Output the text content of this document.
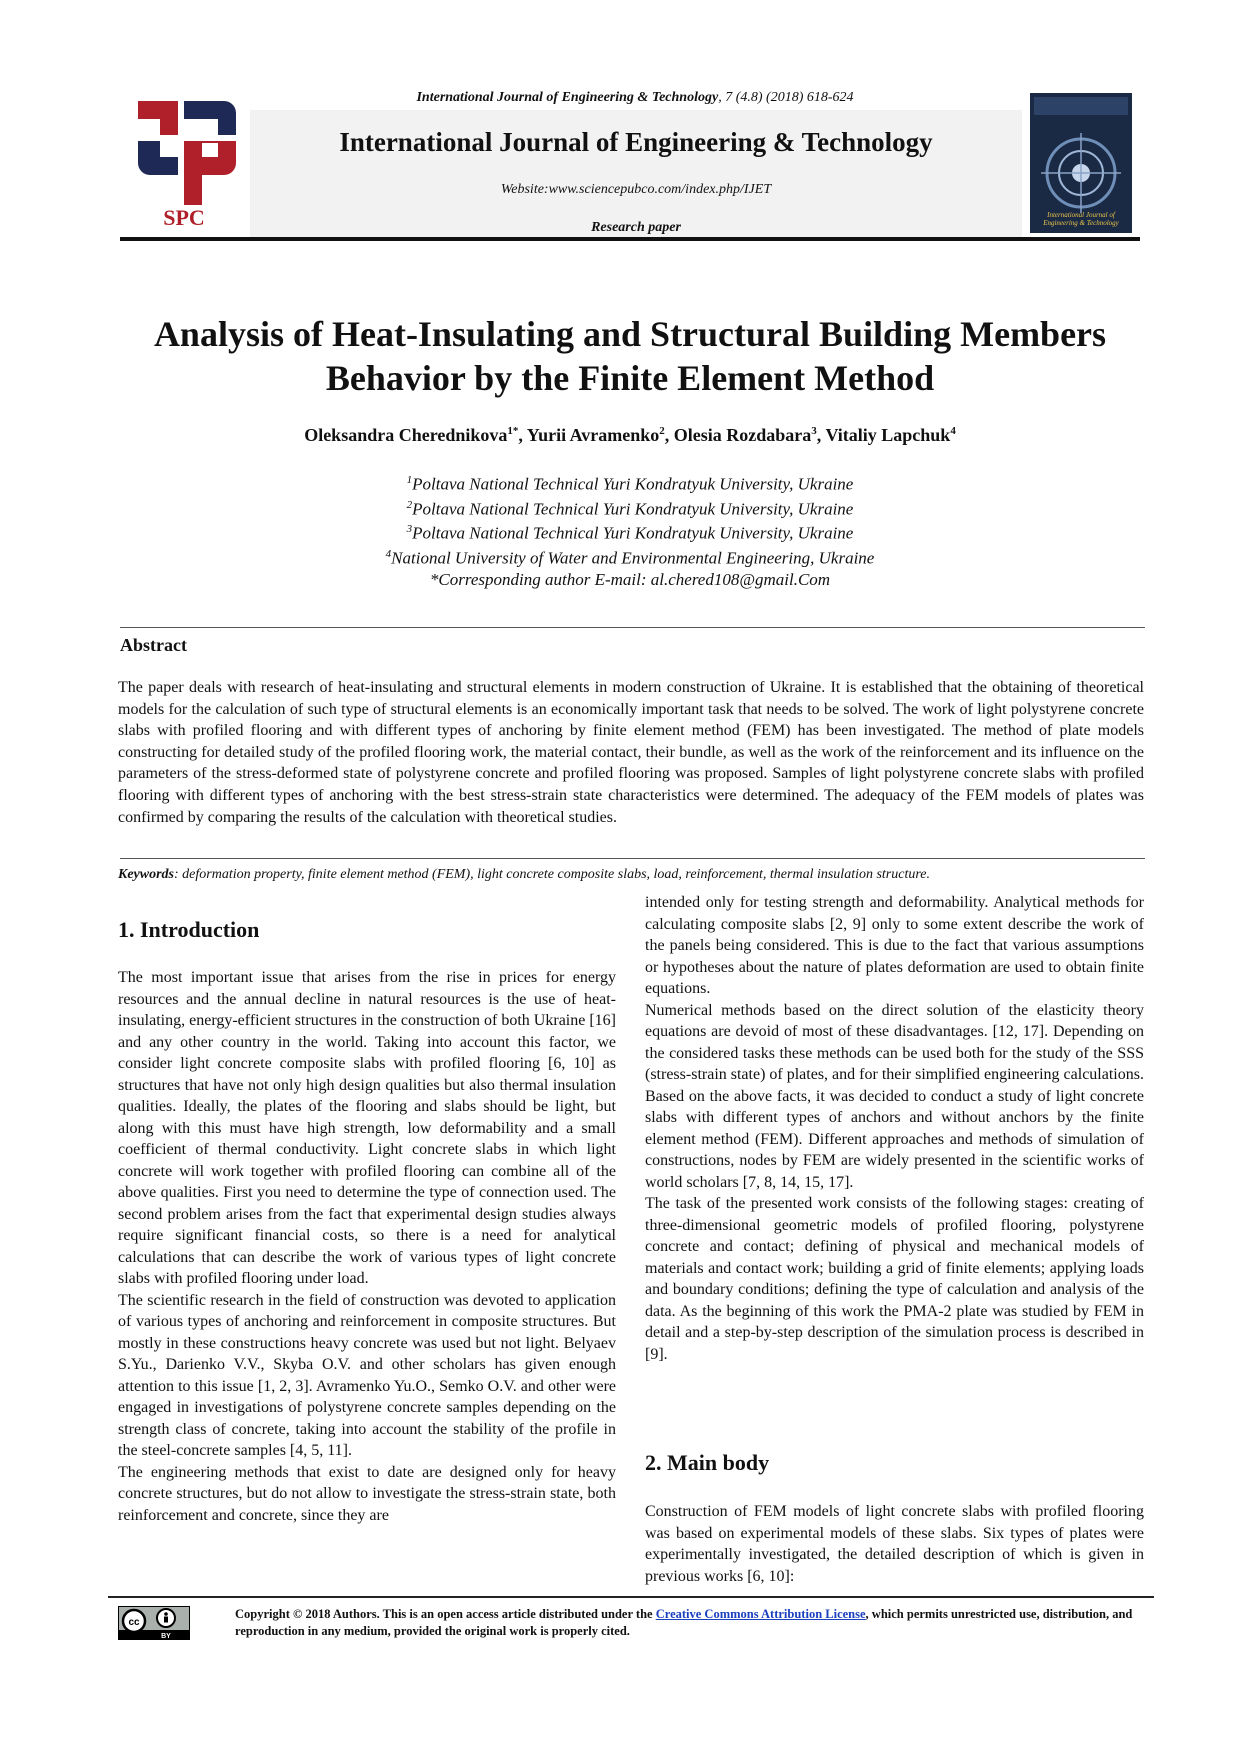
International Journal of Engineering & Technology, 7 (4.8) (2018) 618-624
SPC
International Journal of Engineering & Technology
Website:www.sciencepubco.com/index.php/IJET
Research paper
International Journal of Engineering & Technology
Analysis of Heat-Insulating and Structural Building Members
Behavior by the Finite Element Method
Oleksandra Cherednikova$^{1*}$, Yurii Avramenko$^2$, Olesia Rozdabara$^3$, Vitaliy Lapchuk$^4$
$^1$Poltava National Technical Yuri Kondratyuk University, Ukraine
$^2$Poltava National Technical Yuri Kondratyuk University, Ukraine
$^3$Poltava National Technical Yuri Kondratyuk University, Ukraine
$^4$National University of Water and Environmental Engineering, Ukraine
*Corresponding author E-mail: al.chered108@gmail.Com
Abstract
The paper deals with research of heat-insulating and structural elements in modern construction of Ukraine. It is established that the obtaining of theoretical models for the calculation of such type of structural elements is an economically important task that needs to be solved. The work of light polystyrene concrete slabs with profiled flooring and with different types of anchoring by finite element method (FEM) has been investigated. The method of plate models constructing for detailed study of the profiled flooring work, the material contact, their bundle, as well as the work of the reinforcement and its influence on the parameters of the stress-deformed state of polystyrene concrete and profiled flooring was proposed. Samples of light polystyrene concrete slabs with profiled flooring with different types of anchoring with the best stress-strain state characteristics were determined. The adequacy of the FEM models of plates was confirmed by comparing the results of the calculation with theoretical studies.
Keywords: deformation property, finite element method (FEM), light concrete composite slabs, load, reinforcement, thermal insulation structure.
1. Introduction

The most important issue that arises from the rise in prices for energy resources and the annual decline in natural resources is the use of heat-insulating, energy-efficient structures in the construction of both Ukraine [16] and any other country in the world. Taking into account this factor, we consider light concrete composite slabs with profiled flooring [6, 10] as structures that have not only high design qualities but also thermal insulation qualities. Ideally, the plates of the flooring and slabs should be light, but along with this must have high strength, low deformability and a small coefficient of thermal conductivity. Light concrete slabs in which light concrete will work together with profiled flooring can combine all of the above qualities. First you need to determine the type of connection used. The second problem arises from the fact that experimental design studies always require significant financial costs, so there is a need for analytical calculations that can describe the work of various types of light concrete slabs with profiled flooring under load.

The scientific research in the field of construction was devoted to application of various types of anchoring and reinforcement in composite structures. But mostly in these constructions heavy concrete was used but not light. Belyaev S.Yu., Darienko V.V., Skyba O.V. and other scholars has given enough attention to this issue [1, 2, 3]. Avramenko Yu.O., Semko O.V. and other were engaged in investigations of polystyrene concrete samples depending on the strength class of concrete, taking into account the stability of the profile in the steel-concrete samples [4, 5, 11].

The engineering methods that exist to date are designed only for heavy concrete structures, but do not allow to investigate the stress-strain state, both reinforcement and concrete, since they are

intended only for testing strength and deformability. Analytical methods for calculating composite slabs [2, 9] only to some extent describe the work of the panels being considered. This is due to the fact that various assumptions or hypotheses about the nature of plates deformation are used to obtain finite equations.

Numerical methods based on the direct solution of the elasticity theory equations are devoid of most of these disadvantages. [12, 17]. Depending on the considered tasks these methods can be used both for the study of the SSS (stress-strain state) of plates, and for their simplified engineering calculations.

Based on the above facts, it was decided to conduct a study of light concrete slabs with different types of anchors and without anchors by the finite element method (FEM). Different approaches and methods of simulation of constructions, nodes by FEM are widely presented in the scientific works of world scholars [7, 8, 14, 15, 17].

The task of the presented work consists of the following stages: creating of three-dimensional geometric models of profiled flooring, polystyrene concrete and contact; defining of physical and mechanical models of materials and contact work; building a grid of finite elements; applying loads and boundary conditions; defining the type of calculation and analysis of the data. As the beginning of this work the PMA-2 plate was studied by FEM in detail and a step-by-step description of the simulation process is described in [9].

2. Main body
Construction of FEM models of light concrete slabs with profiled flooring was based on experimental models of these slabs. Six types of plates were experimentally investigated, the detailed description of which is given in previous works [6, 10]:
cc
BY
Copyright © 2018 Authors. This is an open access article distributed under the Creative Commons Attribution License, which permits unrestricted use, distribution, and reproduction in any medium, provided the original work is properly cited.
